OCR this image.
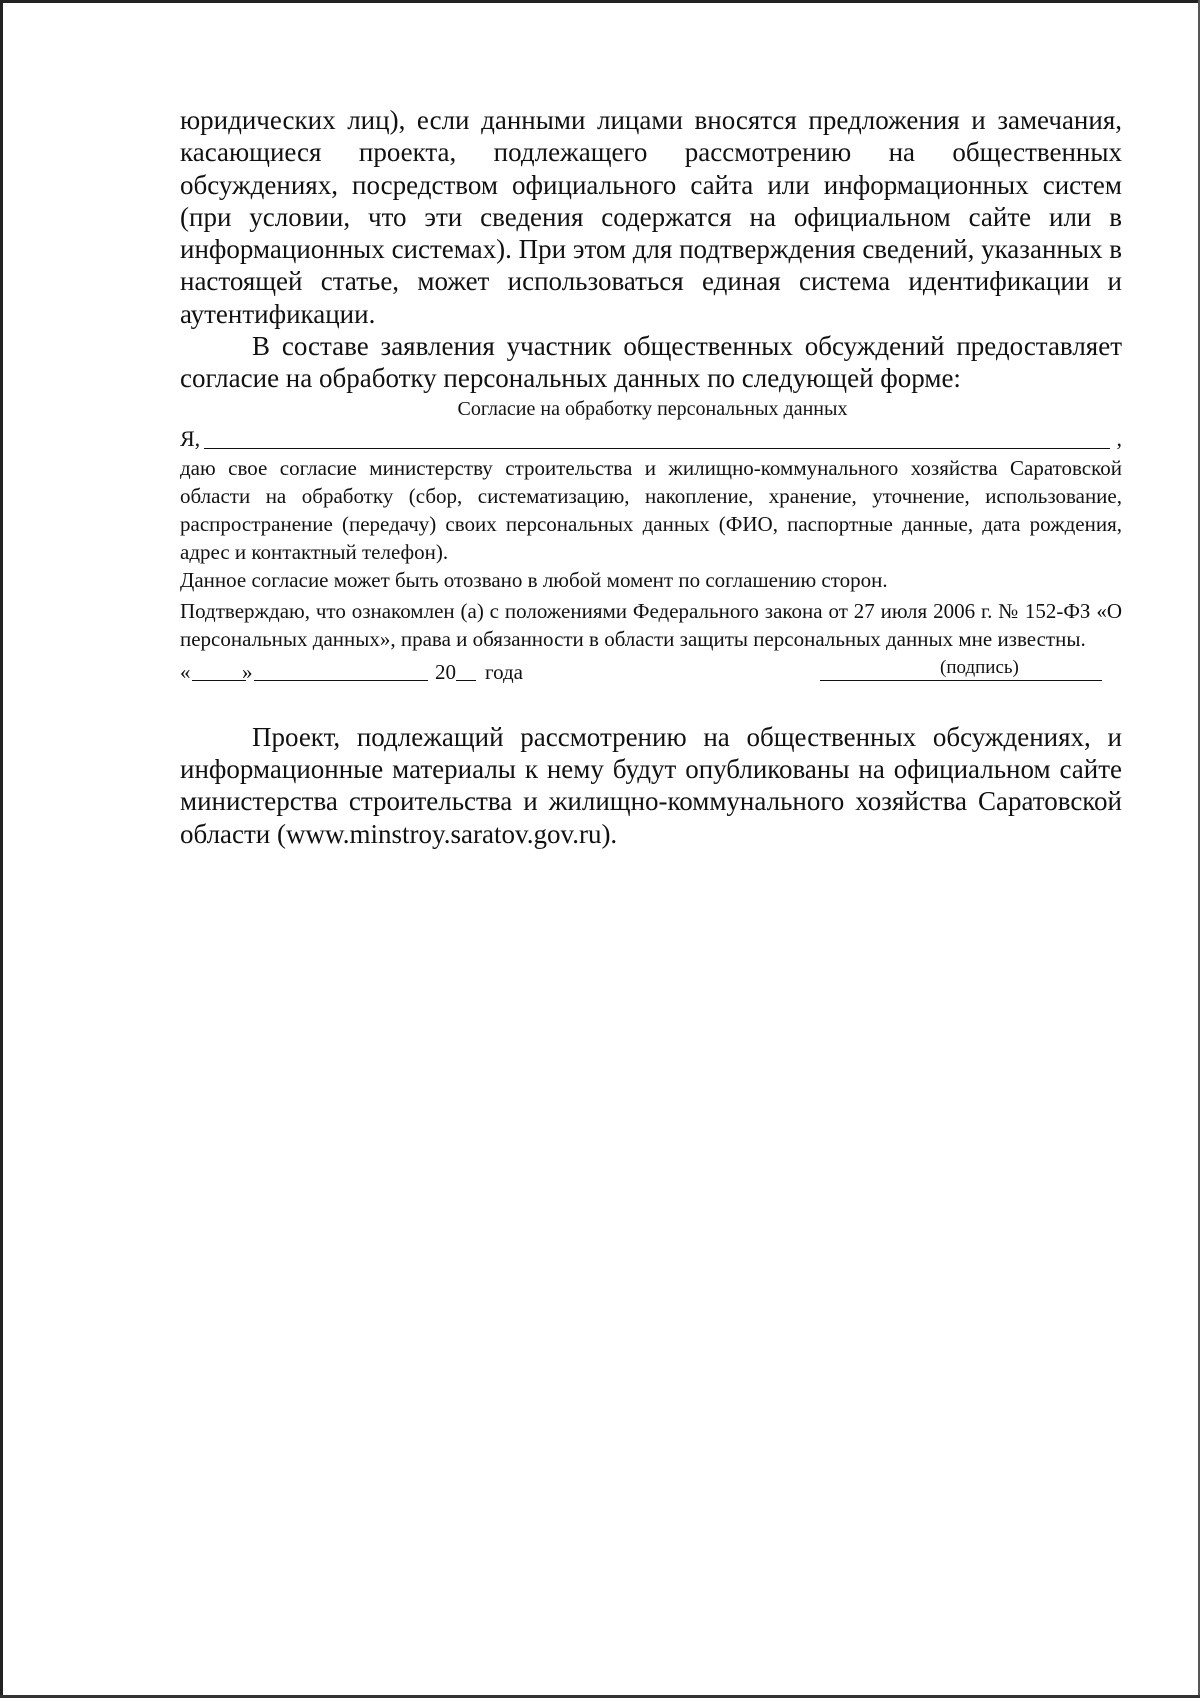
юридических лиц), если данными лицами вносятся предложения и замечания, касающиеся проекта, подлежащего рассмотрению на общественных обсуждениях, посредством официального сайта или информационных систем (при условии, что эти сведения содержатся на официальном сайте или в информационных системах). При этом для подтверждения сведений, указанных в настоящей статье, может использоваться единая система идентификации и аутентификации.

В составе заявления участник общественных обсуждений предоставляет согласие на обработку персональных данных по следующей форме:

Согласие на обработку персональных данных

Я,	,

даю свое согласие министерству строительства и жилищно-коммунального хозяйства Саратовской области на обработку (сбор, систематизацию, накопление, хранение, уточнение, использование, распространение (передачу) своих персональных данных (ФИО, паспортные данные, дата рождения, адрес и контактный телефон).

Данное согласие может быть отозвано в любой момент по соглашению сторон.

Подтверждаю, что ознакомлен (а) с положениями Федерального закона от 27 июля 2006 г. № 152-ФЗ «О персональных данных», права и обязанности в области защиты персональных данных мне известны.

« »	20 года	(подпись)

Проект, подлежащий рассмотрению на общественных обсуждениях, и информационные материалы к нему будут опубликованы на официальном сайте министерства строительства и жилищно-коммунального хозяйства Саратовской области (www.minstroy.saratov.gov.ru).
